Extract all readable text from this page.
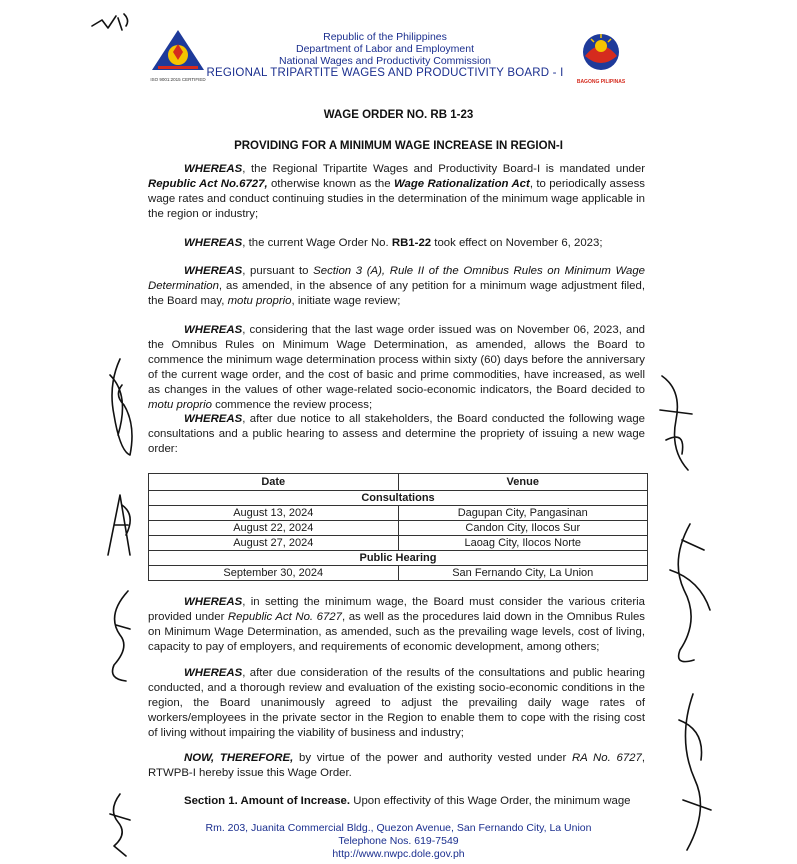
ISO 9001:2015 CERTIFIED
Republic of the Philippines
Department of Labor and Employment
National Wages and Productivity Commission
REGIONAL TRIPARTITE WAGES AND PRODUCTIVITY BOARD - I
BAGONG PILIPINAS
WAGE ORDER NO. RB 1-23
PROVIDING FOR A MINIMUM WAGE INCREASE IN REGION-I
WHEREAS, the Regional Tripartite Wages and Productivity Board-I is mandated under Republic Act No.6727, otherwise known as the Wage Rationalization Act, to periodically assess wage rates and conduct continuing studies in the determination of the minimum wage applicable in the region or industry;
WHEREAS, the current Wage Order No. RB1-22 took effect on November 6, 2023;
WHEREAS, pursuant to Section 3 (A), Rule II of the Omnibus Rules on Minimum Wage Determination, as amended, in the absence of any petition for a minimum wage adjustment filed, the Board may, motu proprio, initiate wage review;
WHEREAS, considering that the last wage order issued was on November 06, 2023, and the Omnibus Rules on Minimum Wage Determination, as amended, allows the Board to commence the minimum wage determination process within sixty (60) days before the anniversary of the current wage order, and the cost of basic and prime commodities, have increased, as well as changes in the values of other wage-related socio-economic indicators, the Board decided to motu proprio commence the review process;
WHEREAS, after due notice to all stakeholders, the Board conducted the following wage consultations and a public hearing to assess and determine the propriety of issuing a new wage order:
Date	Venue
Consultations	
August 13, 2024	Dagupan City, Pangasinan
August 22, 2024	Candon City, Ilocos Sur
August 27, 2024	Laoag City, Ilocos Norte
Public Hearing	
September 30, 2024	San Fernando City, La Union
WHEREAS, in setting the minimum wage, the Board must consider the various criteria provided under Republic Act No. 6727, as well as the procedures laid down in the Omnibus Rules on Minimum Wage Determination, as amended, such as the prevailing wage levels, cost of living, capacity to pay of employers, and requirements of economic development, among others;
WHEREAS, after due consideration of the results of the consultations and public hearing conducted, and a thorough review and evaluation of the existing socio-economic conditions in the region, the Board unanimously agreed to adjust the prevailing daily wage rates of workers/employees in the private sector in the Region to enable them to cope with the rising cost of living without impairing the viability of business and industry;
NOW, THEREFORE, by virtue of the power and authority vested under RA No. 6727, RTWPB-I hereby issue this Wage Order.
Section 1. Amount of Increase. Upon effectivity of this Wage Order, the minimum wage
Rm. 203, Juanita Commercial Bldg., Quezon Avenue, San Fernando City, La Union
Telephone Nos. 619-7549
http://www.nwpc.dole.gov.ph
